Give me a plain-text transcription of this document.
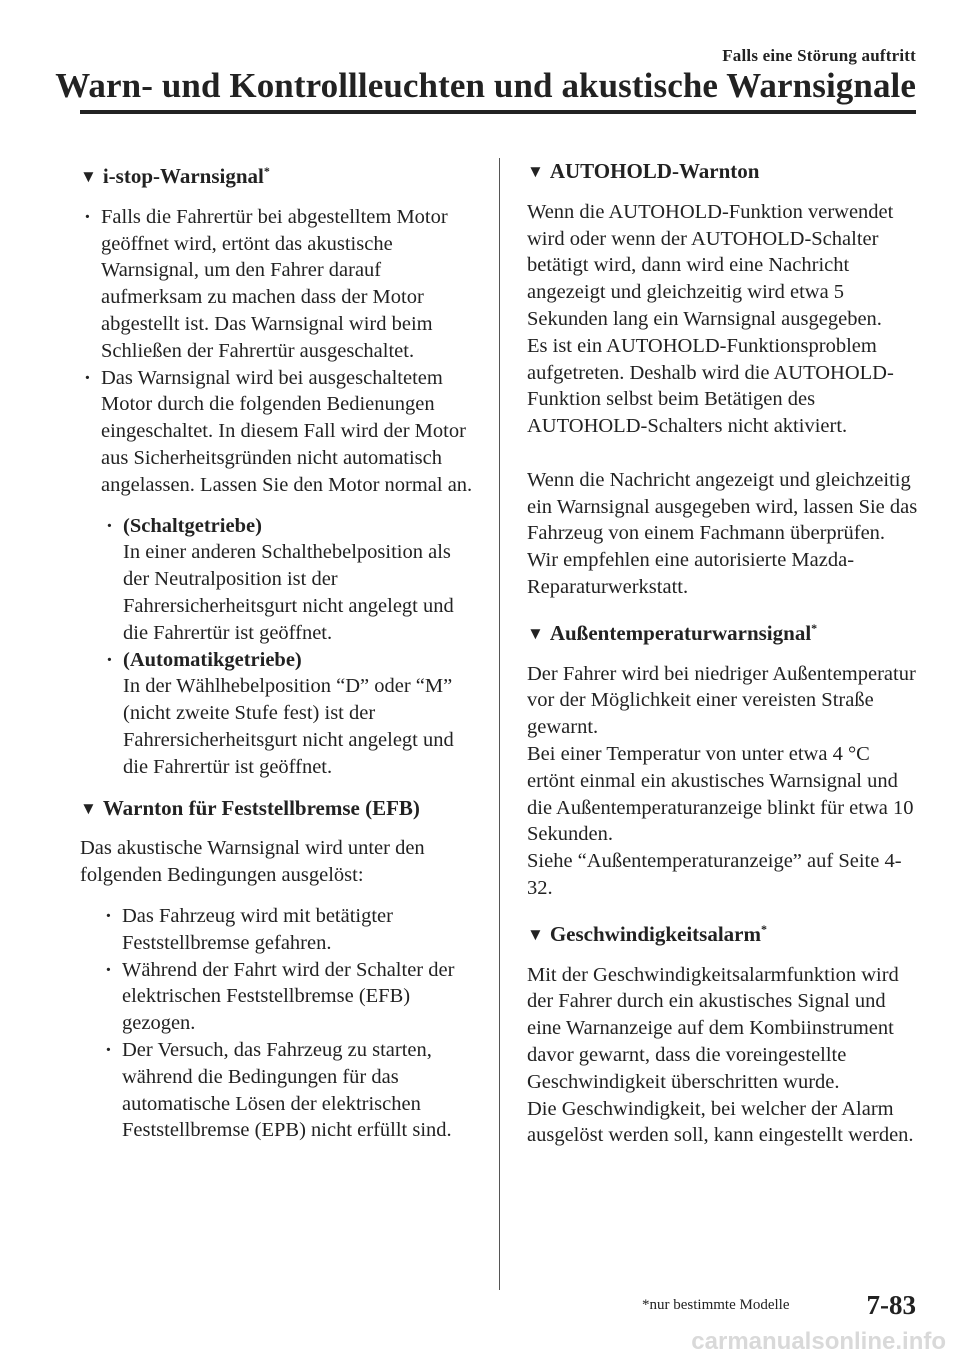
Falls eine Störung auftritt
Warn- und Kontrollleuchten und akustische Warnsignale
▼ i-stop-Warnsignal*
· Falls die Fahrertür bei abgestelltem Motor geöffnet wird, ertönt das akustische Warnsignal, um den Fahrer darauf aufmerksam zu machen dass der Motor abgestellt ist. Das Warnsignal wird beim Schließen der Fahrertür ausgeschaltet.
· Das Warnsignal wird bei ausgeschaltetem Motor durch die folgenden Bedienungen eingeschaltet. In diesem Fall wird der Motor aus Sicherheitsgründen nicht automatisch angelassen. Lassen Sie den Motor normal an.
· (Schaltgetriebe)
In einer anderen Schalthebelposition als der Neutralposition ist der Fahrersicherheitsgurt nicht angelegt und die Fahrertür ist geöffnet.
· (Automatikgetriebe)
In der Wählhebelposition “D” oder “M” (nicht zweite Stufe fest) ist der Fahrersicherheitsgurt nicht angelegt und die Fahrertür ist geöffnet.
▼ Warnton für Feststellbremse (EFB)

Das akustische Warnsignal wird unter den folgenden Bedingungen ausgelöst:

· Das Fahrzeug wird mit betätigter Feststellbremse gefahren.
· Während der Fahrt wird der Schalter der elektrischen Feststellbremse (EFB) gezogen.
· Der Versuch, das Fahrzeug zu starten, während die Bedingungen für das automatische Lösen der elektrischen Feststellbremse (EPB) nicht erfüllt sind.
▼ AUTOHOLD-Warnton

Wenn die AUTOHOLD-Funktion verwendet wird oder wenn der AUTOHOLD-Schalter betätigt wird, dann wird eine Nachricht angezeigt und gleichzeitig wird etwa 5 Sekunden lang ein Warnsignal ausgegeben.

Es ist ein AUTOHOLD-Funktionsproblem aufgetreten. Deshalb wird die AUTOHOLD-Funktion selbst beim Betätigen des AUTOHOLD-Schalters nicht aktiviert.

Wenn die Nachricht angezeigt und gleichzeitig ein Warnsignal ausgegeben wird, lassen Sie das Fahrzeug von einem Fachmann überprüfen. Wir empfehlen eine autorisierte Mazda-Reparaturwerkstatt.

▼ Außentemperaturwarnsignal*

Der Fahrer wird bei niedriger Außentemperatur vor der Möglichkeit einer vereisten Straße gewarnt.

Bei einer Temperatur von unter etwa 4 °C ertönt einmal ein akustisches Warnsignal und die Außentemperaturanzeige blinkt für etwa 10 Sekunden.

Siehe “Außentemperaturanzeige” auf Seite 4-32.

▼ Geschwindigkeitsalarm*

Mit der Geschwindigkeitsalarmfunktion wird der Fahrer durch ein akustisches Signal und eine Warnanzeige auf dem Kombiinstrument davor gewarnt, dass die voreingestellte Geschwindigkeit überschritten wurde.

Die Geschwindigkeit, bei welcher der Alarm ausgelöst werden soll, kann eingestellt werden.

*nur bestimmte Modelle	7-83
carmanualsonline.info
